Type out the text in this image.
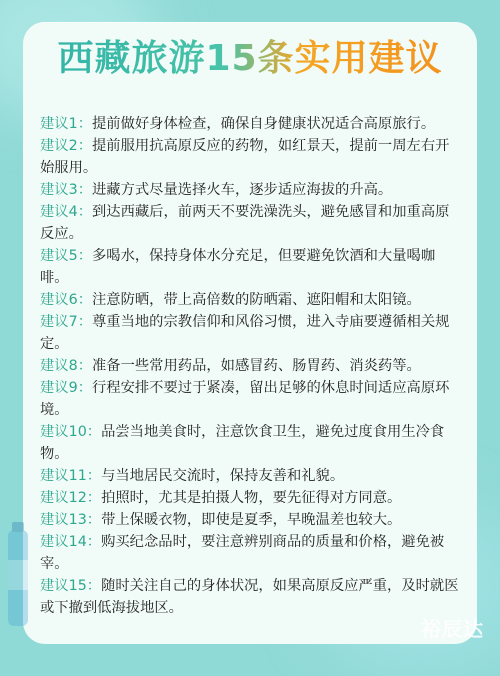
西藏旅游15条实用建议

建议1：提前做好身体检查，确保自身健康状况适合高原旅行。

建议2：提前服用抗高原反应的药物，如红景天，提前一周左右开始服用。

建议3：进藏方式尽量选择火车，逐步适应海拔的升高。

建议4：到达西藏后，前两天不要洗澡洗头，避免感冒和加重高原反应。

建议5：多喝水，保持身体水分充足，但要避免饮酒和大量喝咖啡。

建议6：注意防晒，带上高倍数的防晒霜、遮阳帽和太阳镜。

建议7：尊重当地的宗教信仰和风俗习惯，进入寺庙要遵循相关规定。

建议8：准备一些常用药品，如感冒药、肠胃药、消炎药等。

建议9：行程安排不要过于紧凑，留出足够的休息时间适应高原环境。

建议10：品尝当地美食时，注意饮食卫生，避免过度食用生冷食物。

建议11：与当地居民交流时，保持友善和礼貌。

建议12：拍照时，尤其是拍摄人物，要先征得对方同意。

建议13：带上保暖衣物，即使是夏季，早晚温差也较大。

建议14：购买纪念品时，要注意辨别商品的质量和价格，避免被宰。

建议15：随时关注自己的身体状况，如果高原反应严重，及时就医或下撤到低海拔地区。

裕辰达
